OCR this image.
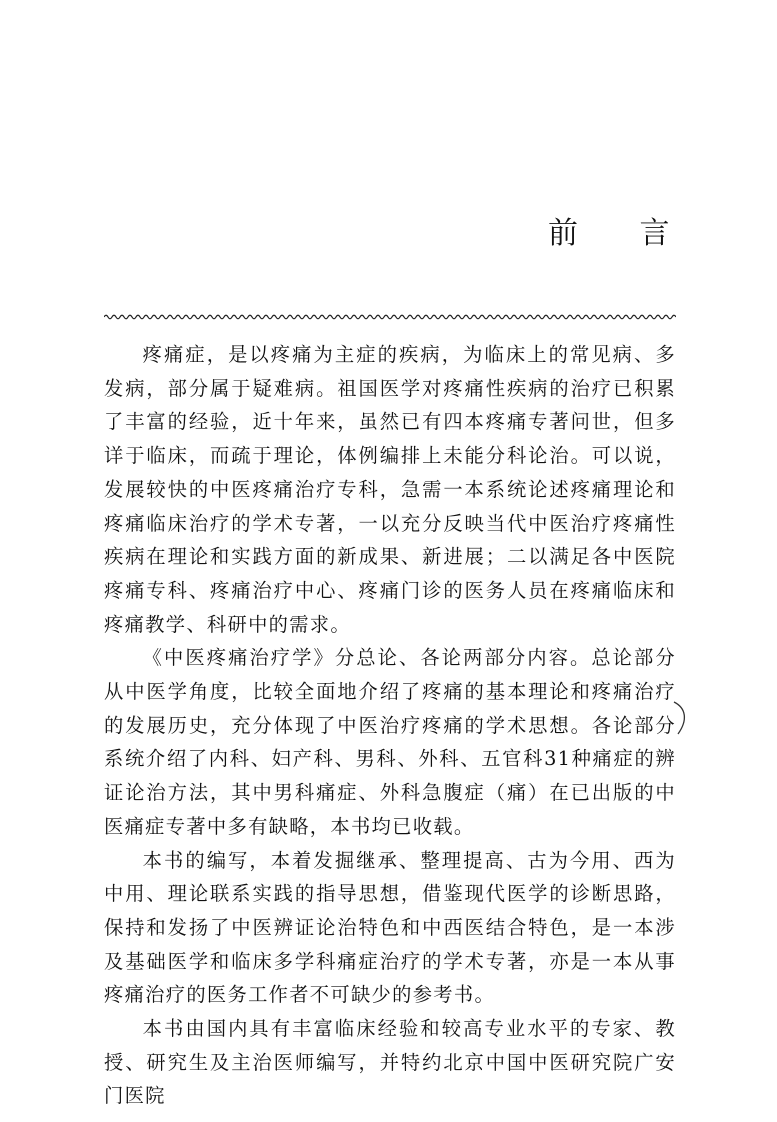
前 言

疼痛症，是以疼痛为主症的疾病，为临床上的常见病、多发病，部分属于疑难病。祖国医学对疼痛性疾病的治疗已积累了丰富的经验，近十年来，虽然已有四本疼痛专著问世，但多详于临床，而疏于理论，体例编排上未能分科论治。可以说，发展较快的中医疼痛治疗专科，急需一本系统论述疼痛理论和疼痛临床治疗的学术专著，一以充分反映当代中医治疗疼痛性疾病在理论和实践方面的新成果、新进展；二以满足各中医院疼痛专科、疼痛治疗中心、疼痛门诊的医务人员在疼痛临床和疼痛教学、科研中的需求。

《中医疼痛治疗学》分总论、各论两部分内容。总论部分从中医学角度，比较全面地介绍了疼痛的基本理论和疼痛治疗的发展历史，充分体现了中医治疗疼痛的学术思想。各论部分系统介绍了内科、妇产科、男科、外科、五官科31种痛症的辨证论治方法，其中男科痛症、外科急腹症（痛）在已出版的中医痛症专著中多有缺略，本书均已收载。

本书的编写，本着发掘继承、整理提高、古为今用、西为中用、理论联系实践的指导思想，借鉴现代医学的诊断思路，保持和发扬了中医辨证论治特色和中西医结合特色，是一本涉及基础医学和临床多学科痛症治疗的学术专著，亦是一本从事疼痛治疗的医务工作者不可缺少的参考书。

本书由国内具有丰富临床经验和较高专业水平的专家、教授、研究生及主治医师编写，并特约北京中国中医研究院广安门医院
